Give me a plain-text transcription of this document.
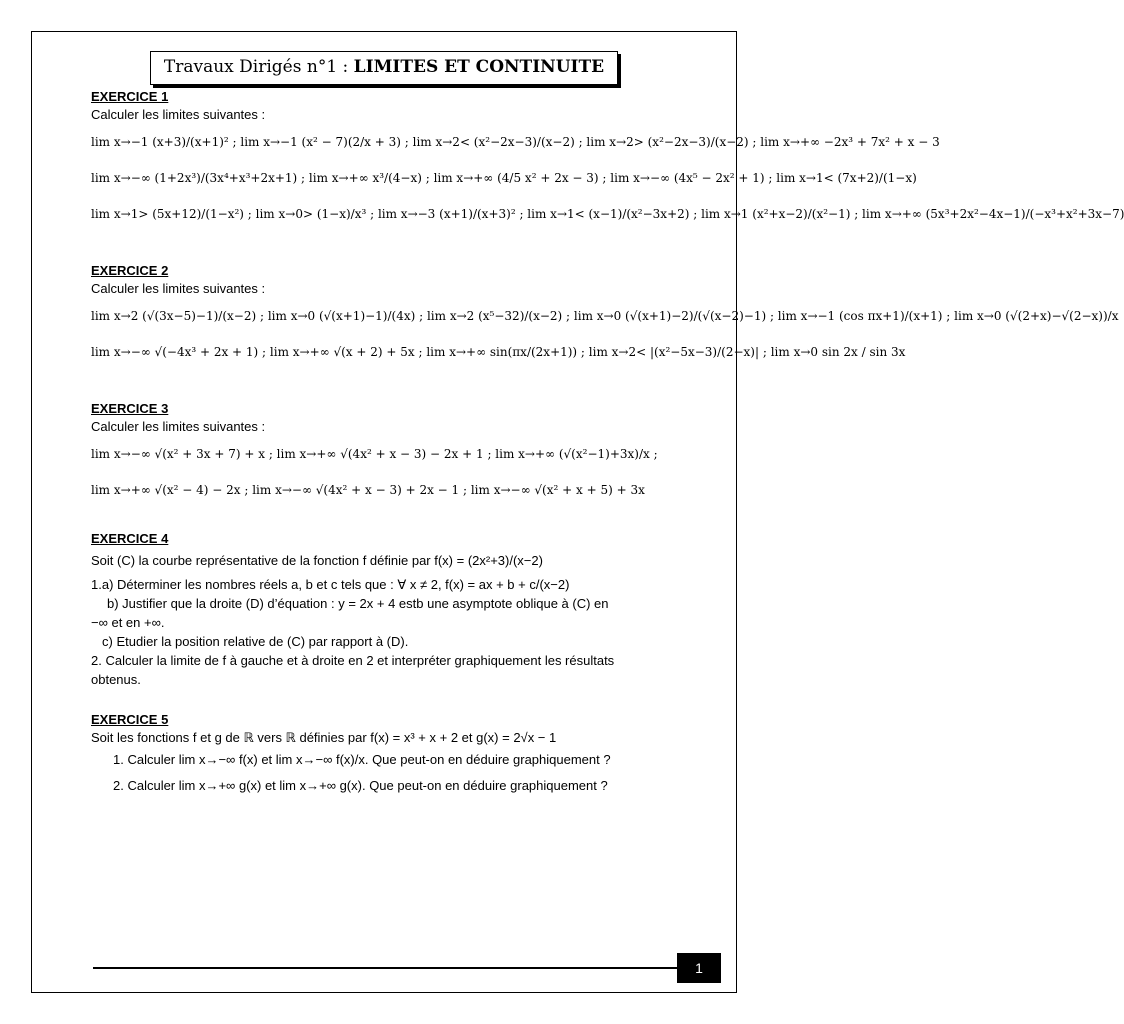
Travaux Dirigés n°1 : LIMITES ET CONTINUITE

EXERCICE 1

Calculer les limites suivantes :

lim x→−1 (x+3)/(x+1)² ; lim x→−1 (x² − 7)(2/x + 3) ; lim x→2< (x²−2x−3)/(x−2) ; lim x→2> (x²−2x−3)/(x−2) ; lim x→+∞ −2x³ + 7x² + x − 3

lim x→−∞ (1+2x³)/(3x⁴+x³+2x+1) ; lim x→+∞ x³/(4−x) ; lim x→+∞ (4/5 x² + 2x − 3) ; lim x→−∞ (4x⁵ − 2x² + 1) ; lim x→1< (7x+2)/(1−x)

lim x→1> (5x+12)/(1−x²) ; lim x→0> (1−x)/x³ ; lim x→−3 (x+1)/(x+3)² ; lim x→1< (x−1)/(x²−3x+2) ; lim x→1 (x²+x−2)/(x²−1) ; lim x→+∞ (5x³+2x²−4x−1)/(−x³+x²+3x−7)

EXERCICE 2

Calculer les limites suivantes :

lim x→2 (√(3x−5)−1)/(x−2) ; lim x→0 (√(x+1)−1)/(4x) ; lim x→2 (x⁵−32)/(x−2) ; lim x→0 (√(x+1)−2)/(√(x−2)−1) ; lim x→−1 (cos πx+1)/(x+1) ; lim x→0 (√(2+x)−√(2−x))/x

lim x→−∞ √(−4x³ + 2x + 1) ; lim x→+∞ √(x + 2) + 5x ; lim x→+∞ sin(πx/(2x+1)) ; lim x→2< |(x²−5x−3)/(2−x)| ; lim x→0 sin 2x / sin 3x

EXERCICE 3

Calculer les limites suivantes :

lim x→−∞ √(x² + 3x + 7) + x ; lim x→+∞ √(4x² + x − 3) − 2x + 1 ; lim x→+∞ (√(x²−1)+3x)/x ;

lim x→+∞ √(x² − 4) − 2x ; lim x→−∞ √(4x² + x − 3) + 2x − 1 ; lim x→−∞ √(x² + x + 5) + 3x

EXERCICE 4

Soit (C) la courbe représentative de la fonction f définie par f(x) = (2x²+3)/(x−2)

1.a) Déterminer les nombres réels a, b et c tels que : ∀ x ≠ 2, f(x) = ax + b + c/(x−2)

b) Justifier que la droite (D) d’équation : y = 2x + 4 estb une asymptote oblique à (C) en

−∞ et en +∞.

c) Etudier la position relative de (C) par rapport à (D).

2. Calculer la limite de f à gauche et à droite en 2 et interpréter graphiquement les résultats

obtenus.

EXERCICE 5

Soit les fonctions f et g de ℝ vers ℝ définies par f(x) = x³ + x + 2 et g(x) = 2√x − 1

1. Calculer lim x→−∞ f(x) et lim x→−∞ f(x)/x. Que peut-on en déduire graphiquement ?

2. Calculer lim x→+∞ g(x) et lim x→+∞ g(x). Que peut-on en déduire graphiquement ?

1
